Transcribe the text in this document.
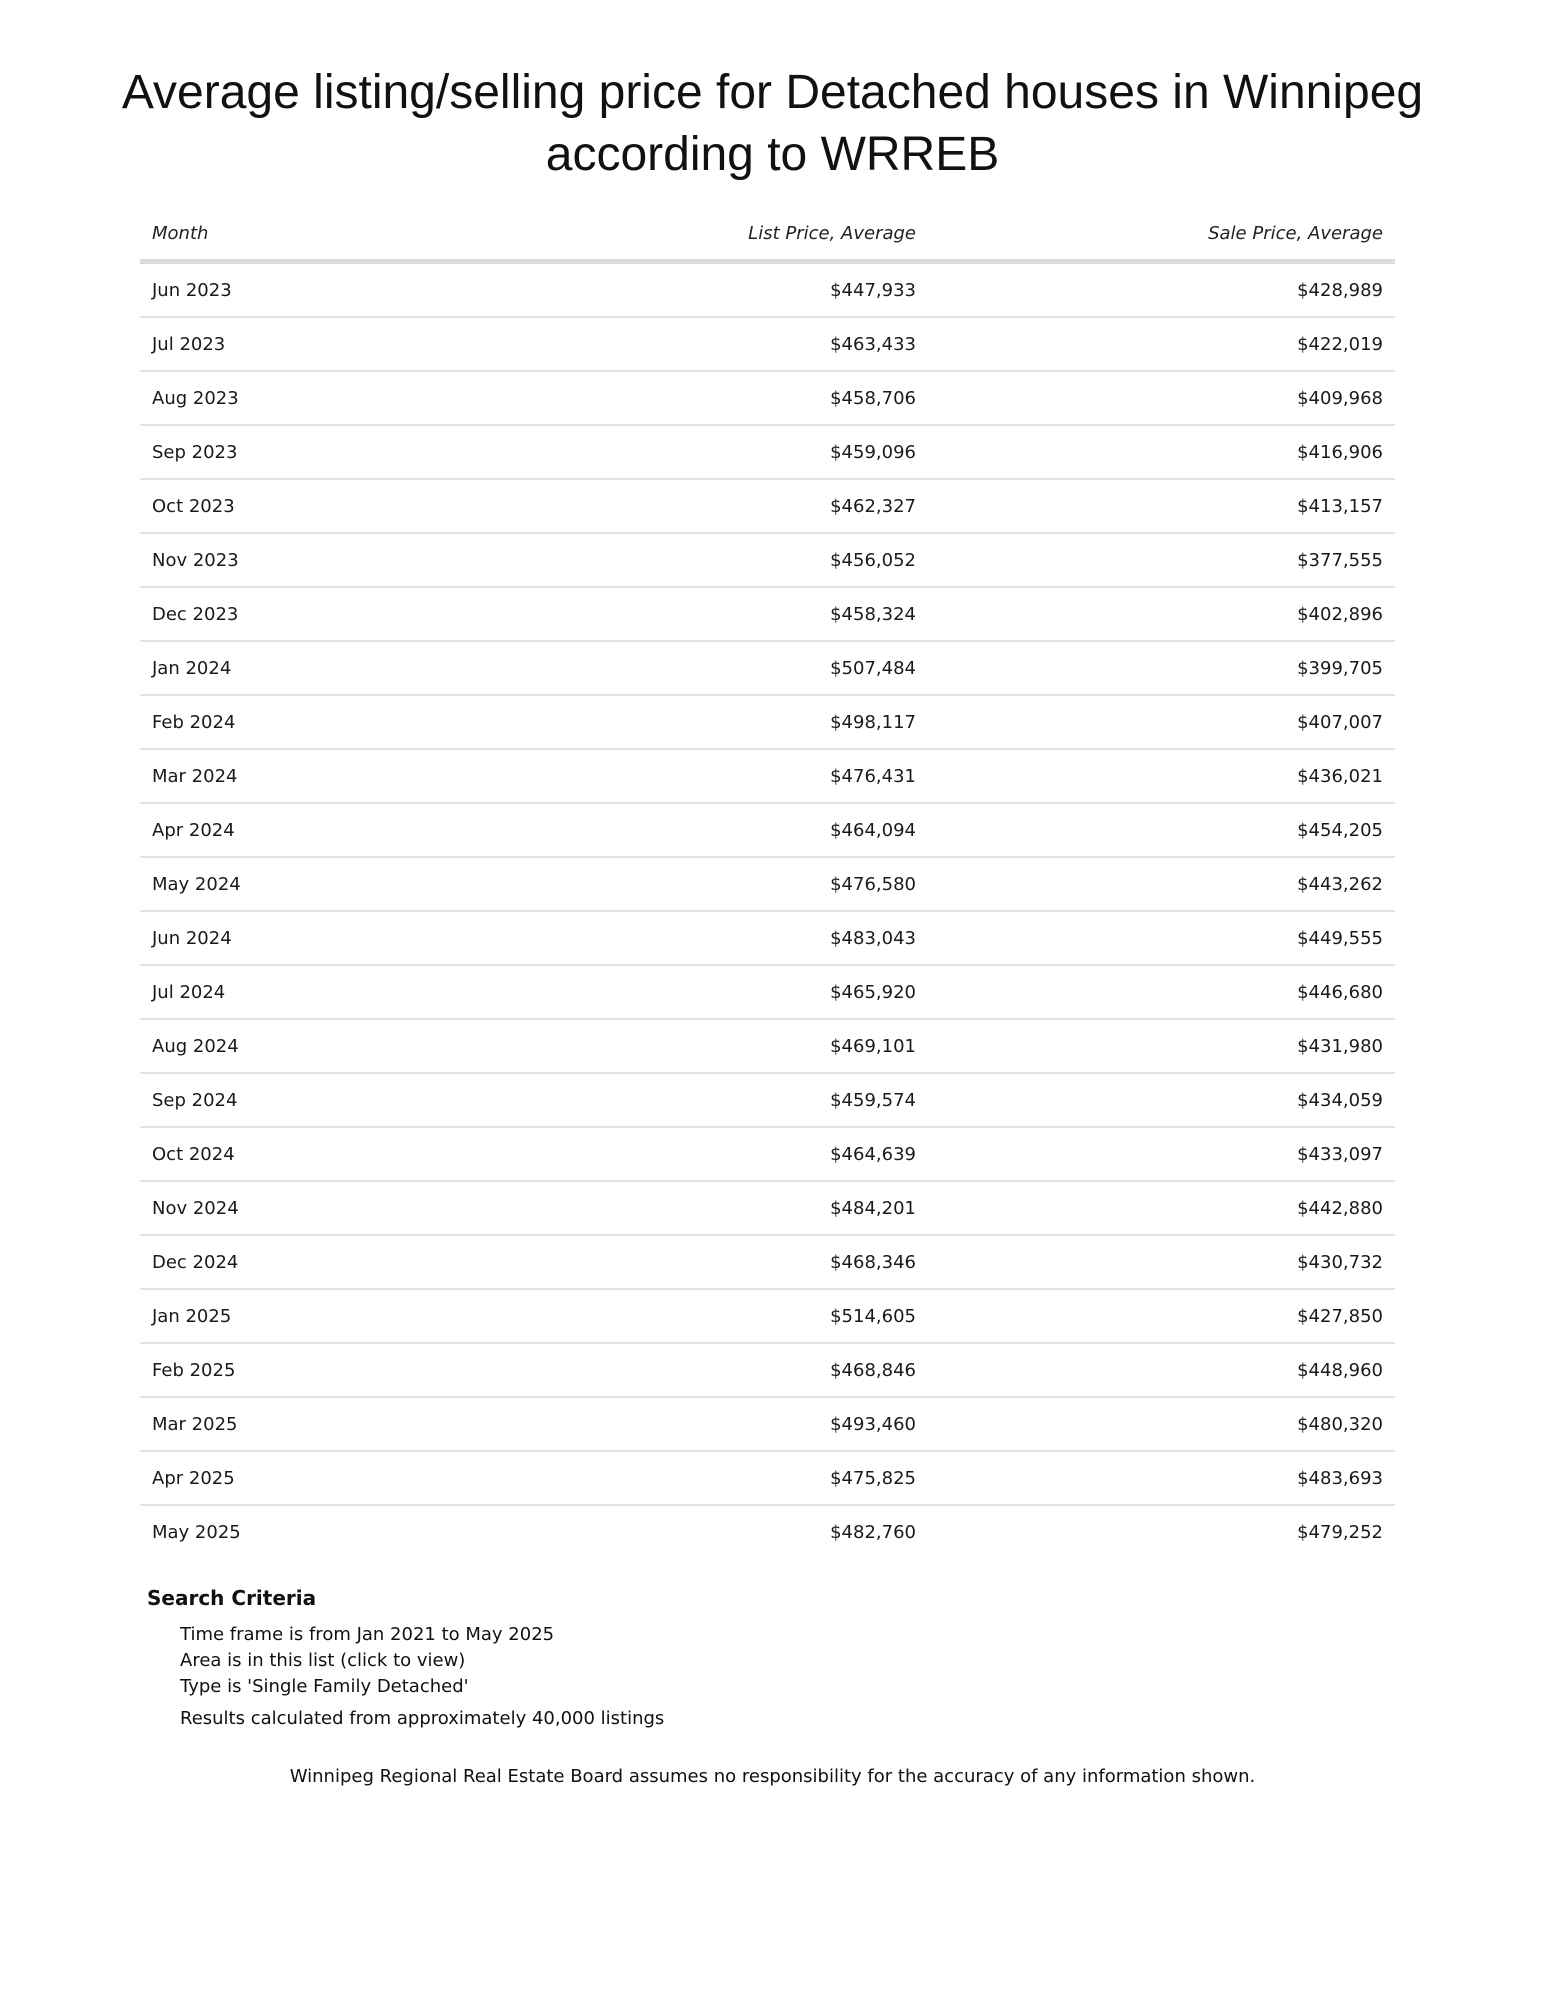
Average listing/selling price for Detached houses in Winnipeg according to WRREB
Month	List Price, Average	Sale Price, Average
Jun 2023	$447,933	$428,989
Jul 2023	$463,433	$422,019
Aug 2023	$458,706	$409,968
Sep 2023	$459,096	$416,906
Oct 2023	$462,327	$413,157
Nov 2023	$456,052	$377,555
Dec 2023	$458,324	$402,896
Jan 2024	$507,484	$399,705
Feb 2024	$498,117	$407,007
Mar 2024	$476,431	$436,021
Apr 2024	$464,094	$454,205
May 2024	$476,580	$443,262
Jun 2024	$483,043	$449,555
Jul 2024	$465,920	$446,680
Aug 2024	$469,101	$431,980
Sep 2024	$459,574	$434,059
Oct 2024	$464,639	$433,097
Nov 2024	$484,201	$442,880
Dec 2024	$468,346	$430,732
Jan 2025	$514,605	$427,850
Feb 2025	$468,846	$448,960
Mar 2025	$493,460	$480,320
Apr 2025	$475,825	$483,693
May 2025	$482,760	$479,252
Search Criteria
Time frame is from Jan 2021 to May 2025
Area is in this list (click to view)
Type is 'Single Family Detached'
Results calculated from approximately 40,000 listings
Winnipeg Regional Real Estate Board assumes no responsibility for the accuracy of any information shown.
